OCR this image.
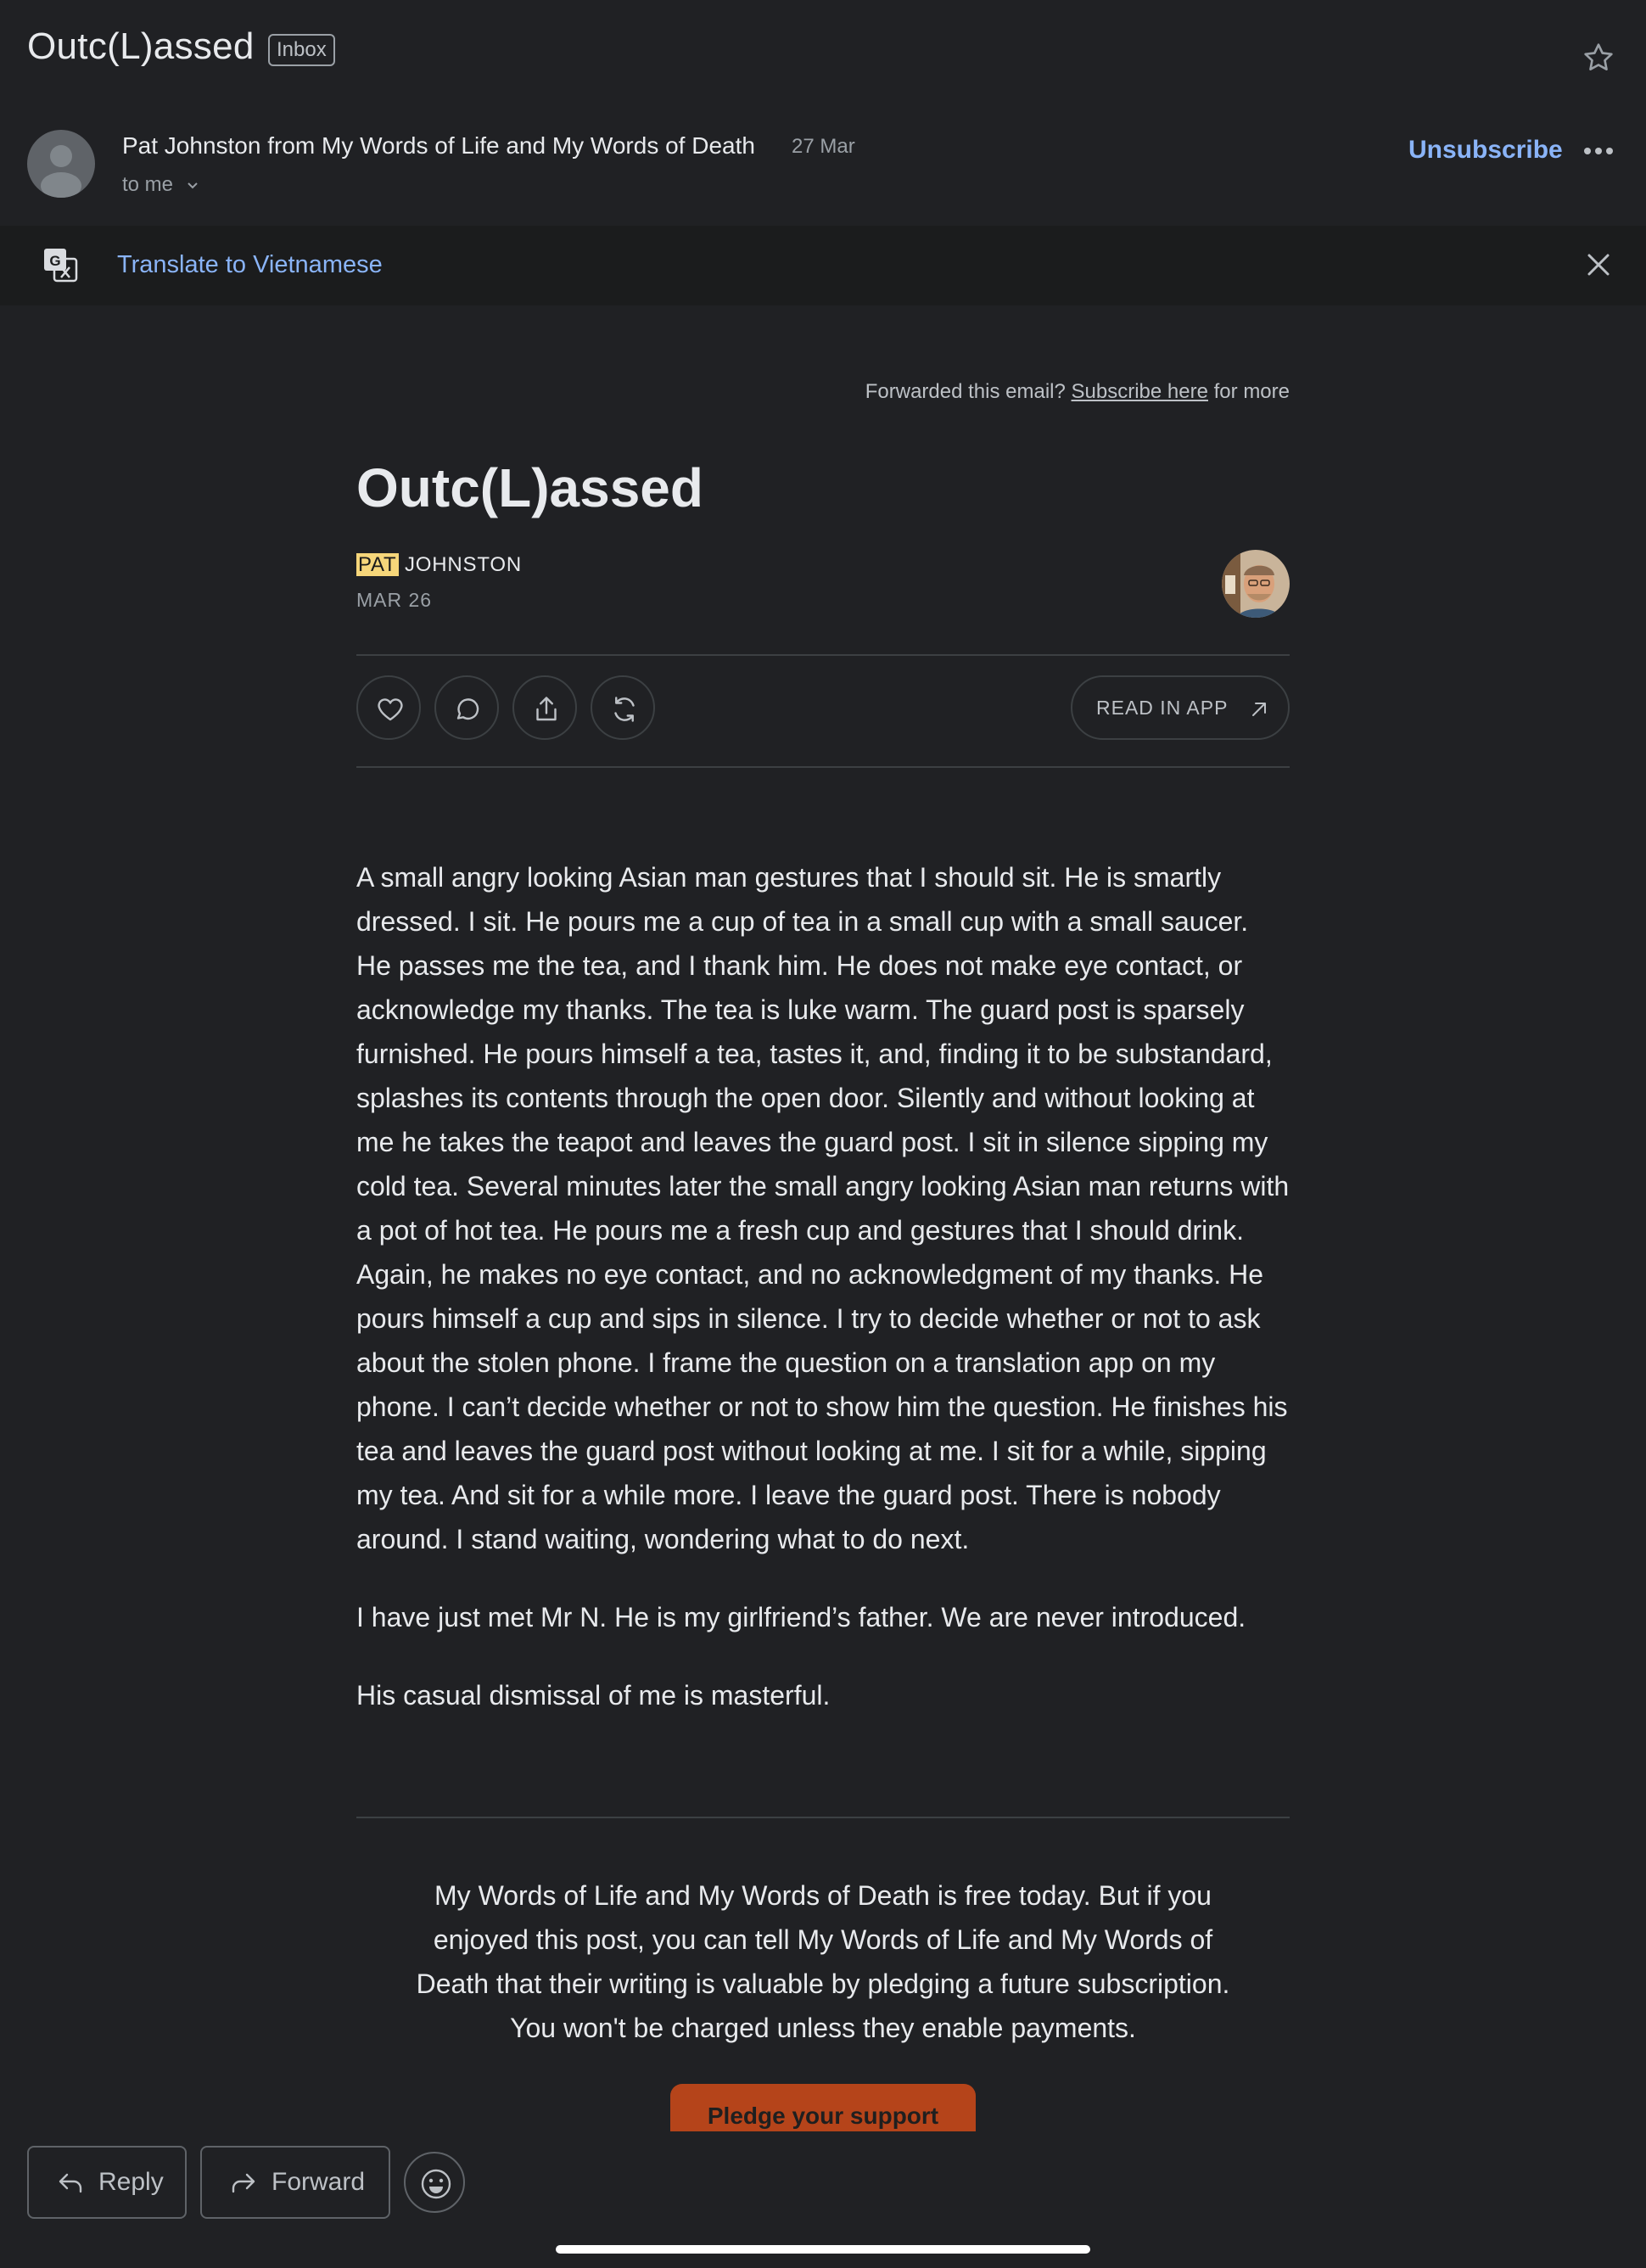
Outc(L)assed	Inbox
Pat Johnston from My Words of Life and My Words of Death 27 Mar
to me
Unsubscribe
G Translate to Vietnamese
Forwarded this email? Subscribe here for more
Outc(L)assed
PAT JOHNSTON
MAR 26
READ IN APP

A small angry looking Asian man gestures that I should sit. He is smartly dressed. I sit. He pours me a cup of tea in a small cup with a small saucer. He passes me the tea, and I thank him. He does not make eye contact, or acknowledge my thanks. The tea is luke warm. The guard post is sparsely furnished. He pours himself a tea, tastes it, and, finding it to be substandard, splashes its contents through the open door. Silently and without looking at me he takes the teapot and leaves the guard post. I sit in silence sipping my cold tea. Several minutes later the small angry looking Asian man returns with a pot of hot tea. He pours me a fresh cup and gestures that I should drink. Again, he makes no eye contact, and no acknowledgment of my thanks. He pours himself a cup and sips in silence. I try to decide whether or not to ask about the stolen phone. I frame the question on a translation app on my phone. I can’t decide whether or not to show him the question. He finishes his tea and leaves the guard post without looking at me. I sit for a while, sipping my tea. And sit for a while more. I leave the guard post. There is nobody around. I stand waiting, wondering what to do next.

I have just met Mr N. He is my girlfriend’s father. We are never introduced.

His casual dismissal of me is masterful.

My Words of Life and My Words of Death is free today. But if you enjoyed this post, you can tell My Words of Life and My Words of Death that their writing is valuable by pledging a future subscription. You won't be charged unless they enable payments.
Pledge your support
Reply	Forward
